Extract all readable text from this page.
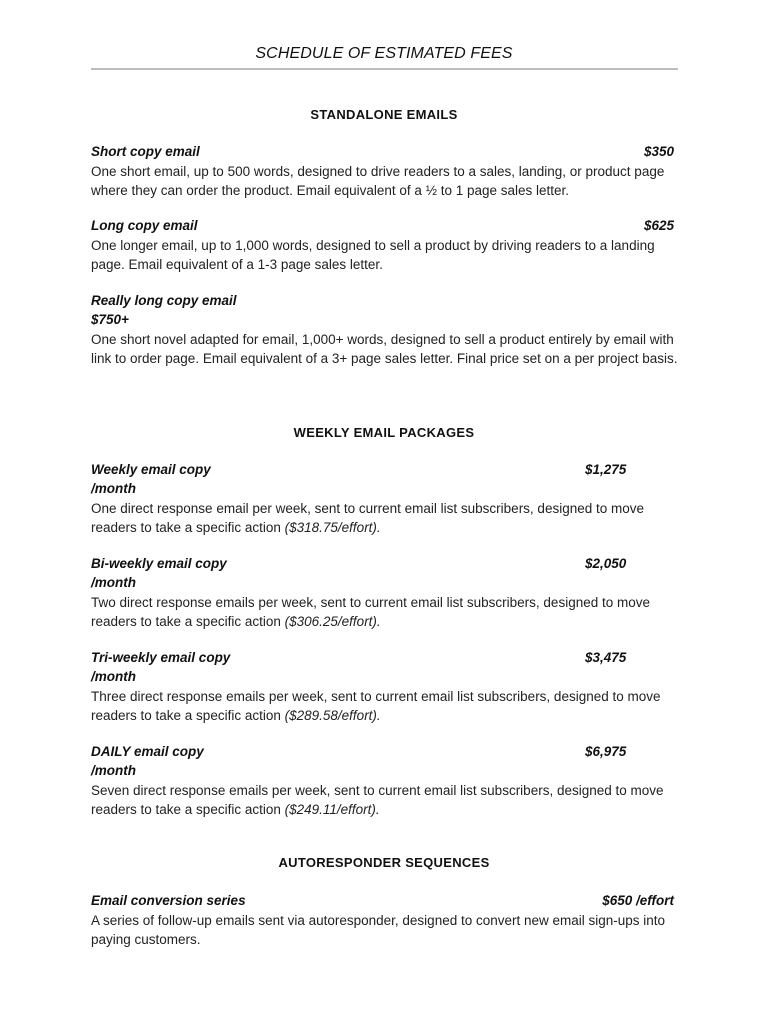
SCHEDULE OF ESTIMATED FEES
STANDALONE EMAILS
Short copy email	$350
One short email, up to 500 words, designed to drive readers to a sales, landing, or product page where they can order the product. Email equivalent of a ½ to 1 page sales letter.
Long copy email	$625
One longer email, up to 1,000 words, designed to sell a product by driving readers to a landing page. Email equivalent of a 1-3 page sales letter.
Really long copy email
$750+
One short novel adapted for email, 1,000+ words, designed to sell a product entirely by email with link to order page. Email equivalent of a 3+ page sales letter. Final price set on a per project basis.
WEEKLY EMAIL PACKAGES
Weekly email copy	$1,275
/month
One direct response email per week, sent to current email list subscribers, designed to move readers to take a specific action ($318.75/effort).
Bi-weekly email copy	$2,050
/month
Two direct response emails per week, sent to current email list subscribers, designed to move readers to take a specific action ($306.25/effort).
Tri-weekly email copy	$3,475
/month
Three direct response emails per week, sent to current email list subscribers, designed to move readers to take a specific action ($289.58/effort).
DAILY email copy	$6,975
/month
Seven direct response emails per week, sent to current email list subscribers, designed to move readers to take a specific action ($249.11/effort).
AUTORESPONDER SEQUENCES
Email conversion series	$650 /effort
A series of follow-up emails sent via autoresponder, designed to convert new email sign-ups into paying customers.
